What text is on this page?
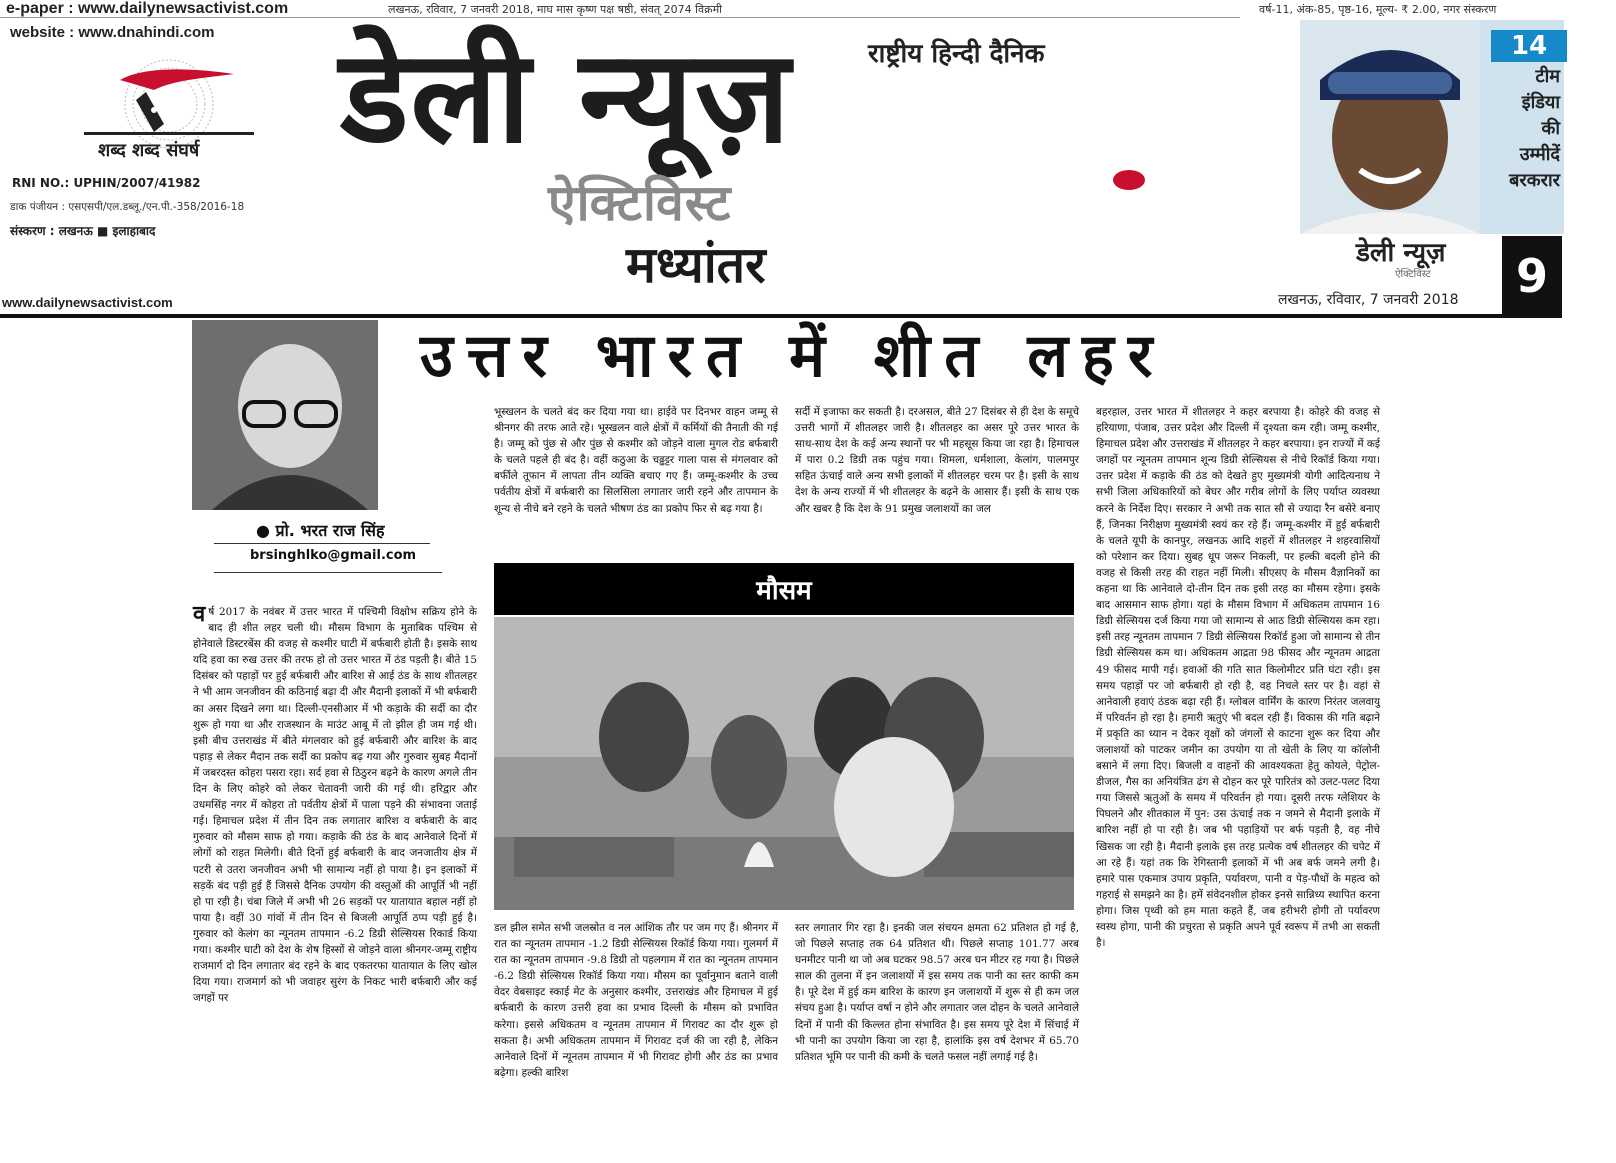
e-paper : www.dailynewsactivist.com
website : www.dnahindi.com
लखनऊ, रविवार, 7 जनवरी 2018, माघ मास कृष्ण पक्ष षष्ठी, संवत् 2074 विक्रमी	वर्ष-11, अंक-85, पृष्ठ-16, मूल्य- ₹ 2.00, नगर संस्करण
शब्द शब्द संघर्ष
RNI NO.: UPHIN/2007/41982
डाक पंजीयन : एसएसपी/एल.डब्लू./एन.पी.-358/2016-18
संस्करण : लखनऊ ■ इलाहाबाद
राष्ट्रीय हिन्दी दैनिक
डेली न्यूज़
ऐक्टिविस्ट
मध्यांतर
14
टीम
इंडिया
की
उम्मीदें
बरकरार
डेली न्यूज़
ऐक्टिविस्ट	9
www.dailynewsactivist.com	लखनऊ, रविवार, 7 जनवरी 2018
उत्तर भारत में शीत लहर
● प्रो. भरत राज सिंह
brsinghlko@gmail.com
वर्ष 2017 के नवंबर में उत्तर भारत में पश्चिमी विक्षोभ सक्रिय होने के बाद ही शीत लहर चली थी। मौसम विभाग के मुताबिक पश्चिम से होनेवाले डिस्टरबेंस की वजह से कश्मीर घाटी में बर्फबारी होती है। इसके साथ यदि हवा का रुख उत्तर की तरफ हो तो उत्तर भारत में ठंड पड़ती है। बीते 15 दिसंबर को पहाड़ों पर हुई बर्फबारी और बारिश से आई ठंड के साथ शीतलहर ने भी आम जनजीवन की कठिनाई बढ़ा दी और मैदानी इलाकों में भी बर्फबारी का असर दिखने लगा था। दिल्ली-एनसीआर में भी कड़ाके की सर्दी का दौर शुरू हो गया था और राजस्थान के माउंट आबू में तो झील ही जम गई थी। इसी बीच उत्तराखंड में बीते मंगलवार को हुई बर्फबारी और बारिश के बाद पहाड़ से लेकर मैदान तक सर्दी का प्रकोप बढ़ गया और गुरुवार सुबह मैदानों में जबरदस्त कोहरा पसरा रहा। सर्द हवा से ठिठुरन बढ़ने के कारण अगले तीन दिन के लिए कोहरे को लेकर चेतावनी जारी की गई थी। हरिद्वार और उधमसिंह नगर में कोहरा तो पर्वतीय क्षेत्रों में पाला पड़ने की संभावना जताई गई। हिमाचल प्रदेश में तीन दिन तक लगातार बारिश व बर्फबारी के बाद गुरुवार को मौसम साफ हो गया। कड़ाके की ठंड के बाद आनेवाले दिनों में लोगों को राहत मिलेगी। बीते दिनों हुई बर्फबारी के बाद जनजातीय क्षेत्र में पटरी से उतरा जनजीवन अभी भी सामान्य नहीं हो पाया है। इन इलाकों में सड़कें बंद पड़ी हुई हैं जिससे दैनिक उपयोग की वस्तुओं की आपूर्ति भी नहीं हो पा रही है। चंबा जिले में अभी भी 26 सड़कों पर यातायात बहाल नहीं हो पाया है। वहीं 30 गांवों में तीन दिन से बिजली आपूर्ति ठप्प पड़ी हुई है। गुरुवार को केलंग का न्यूनतम तापमान -6.2 डिग्री सेल्सियस रिकार्ड किया गया। कश्मीर घाटी को देश के शेष हिस्सों से जोड़ने वाला श्रीनगर-जम्मू राष्ट्रीय राजमार्ग दो दिन लगातार बंद रहने के बाद एकतरफा यातायात के लिए खोल दिया गया। राजमार्ग को भी जवाहर सुरंग के निकट भारी बर्फबारी और कई जगहों पर
भूस्खलन के चलते बंद कर दिया गया था। हाईवे पर दिनभर वाहन जम्मू से श्रीनगर की तरफ आते रहे। भूस्खलन वाले क्षेत्रों में कर्मियों की तैनाती की गई है। जम्मू को पुंछ से और पुंछ से कश्मीर को जोड़ने वाला मुगल रोड बर्फबारी के चलते पहले ही बंद है। वहीं कठुआ के चढ्ढट्टर गाला पास से मंगलवार को बर्फीले तूफान में लापता तीन व्यक्ति बचाए गए हैं। जम्मू-कश्मीर के उच्च पर्वतीय क्षेत्रों में बर्फबारी का सिलसिला लगातार जारी रहने और तापमान के शून्य से नीचे बने रहने के चलते भीषण ठंड का प्रकोप फिर से बढ़ गया है।
सर्दी में इजाफा कर सकती है। दरअसल, बीते 27 दिसंबर से ही देश के समूचे उत्तरी भागों में शीतलहर जारी है। शीतलहर का असर पूरे उत्तर भारत के साथ-साथ देश के कई अन्य स्थानों पर भी महसूस किया जा रहा है। हिमाचल में पारा 0.2 डिग्री तक पहुंच गया। शिमला, धर्मशाला, केलांग, पालमपुर सहित ऊंचाई वाले अन्य सभी इलाकों में शीतलहर चरम पर है। इसी के साथ देश के अन्य राज्यों में भी शीतलहर के बढ़ने के आसार हैं। इसी के साथ एक और खबर है कि देश के 91 प्रमुख जलाशयों का जल
मौसम
डल झील समेत सभी जलस्रोत व नल आंशिक तौर पर जम गए हैं। श्रीनगर में रात का न्यूनतम तापमान -1.2 डिग्री सेल्सियस रिकॉर्ड किया गया। गुलमर्ग में रात का न्यूनतम तापमान -9.8 डिग्री तो पहलगाम में रात का न्यूनतम तापमान -6.2 डिग्री सेल्सियस रिकॉर्ड किया गया। मौसम का पूर्वानुमान बताने वाली वेदर वेबसाइट स्काई मेट के अनुसार कश्मीर, उत्तराखंड और हिमाचल में हुई बर्फबारी के कारण उत्तरी हवा का प्रभाव दिल्ली के मौसम को प्रभावित करेगा। इससे अधिकतम व न्यूनतम तापमान में गिरावट का दौर शुरू हो सकता है। अभी अधिकतम तापमान में गिरावट दर्ज की जा रही है, लेकिन आनेवाले दिनों में न्यूनतम तापमान में भी गिरावट होगी और ठंड का प्रभाव बढ़ेगा। हल्की बारिश
स्तर लगातार गिर रहा है। इनकी जल संचयन क्षमता 62 प्रतिशत हो गई है, जो पिछले सप्ताह तक 64 प्रतिशत थी। पिछले सप्ताह 101.77 अरब घनमीटर पानी था जो अब घटकर 98.57 अरब घन मीटर रह गया है। पिछले साल की तुलना में इन जलाशयों में इस समय तक पानी का स्तर काफी कम है। पूरे देश में हुई कम बारिश के कारण इन जलाशयों में शुरू से ही कम जल संचय हुआ है। पर्याप्त वर्षा न होने और लगातार जल दोहन के चलते आनेवाले दिनों में पानी की किल्लत होना संभावित है। इस समय पूरे देश में सिंचाई में भी पानी का उपयोग किया जा रहा है, हालांकि इस वर्ष देशभर में 65.70 प्रतिशत भूमि पर पानी की कमी के चलते फसल नहीं लगाई गई है।
बहरहाल, उत्तर भारत में शीतलहर ने कहर बरपाया है। कोहरे की वजह से हरियाणा, पंजाब, उत्तर प्रदेश और दिल्ली में दृश्यता कम रही। जम्मू कश्मीर, हिमाचल प्रदेश और उत्तराखंड में शीतलहर ने कहर बरपाया। इन राज्यों में कई जगहों पर न्यूनतम तापमान शून्य डिग्री सेल्सियस से नीचे रिकॉर्ड किया गया। उत्तर प्रदेश में कड़ाके की ठंड को देखते हुए मुख्यमंत्री योगी आदित्यनाथ ने सभी जिला अधिकारियों को बेघर और गरीब लोगों के लिए पर्याप्त व्यवस्था करने के निर्देश दिए। सरकार ने अभी तक सात सौ से ज्यादा रैन बसेरे बनाए हैं, जिनका निरीक्षण मुख्यमंत्री स्वयं कर रहे हैं। जम्मू-कश्मीर में हुई बर्फबारी के चलते यूपी के कानपुर, लखनऊ आदि शहरों में शीतलहर ने शहरवासियों को परेशान कर दिया। सुबह धूप जरूर निकली, पर हल्की बदली होने की वजह से किसी तरह की राहत नहीं मिली। सीएसए के मौसम वैज्ञानिकों का कहना था कि आनेवाले दो-तीन दिन तक इसी तरह का मौसम रहेगा। इसके बाद आसमान साफ होगा। यहां के मौसम विभाग में अधिकतम तापमान 16 डिग्री सेल्सियस दर्ज किया गया जो सामान्य से आठ डिग्री सेल्सियस कम रहा। इसी तरह न्यूनतम तापमान 7 डिग्री सेल्सियस रिकॉर्ड हुआ जो सामान्य से तीन डिग्री सेल्सियस कम था। अधिकतम आद्रता 98 फीसद और न्यूनतम आद्रता 49 फीसद मापी गई। हवाओं की गति सात किलोमीटर प्रति घंटा रही। इस समय पहाड़ों पर जो बर्फबारी हो रही है, वह निचले स्तर पर है। वहां से आनेवाली हवाएं ठंडक बढ़ा रही हैं। ग्लोबल वार्मिंग के कारण निरंतर जलवायु में परिवर्तन हो रहा है। हमारी ऋतुएं भी बदल रही हैं। विकास की गति बढ़ाने में प्रकृति का ध्यान न देकर वृक्षों को जंगलों से काटना शुरू कर दिया और जलाशयों को पाटकर जमीन का उपयोग या तो खेती के लिए या कॉलोनी बसाने में लगा दिए। बिजली व वाहनों की आवश्यकता हेतु कोयले, पेट्रोल-डीजल, गैस का अनियंत्रित ढंग से दोहन कर पूरे पारितंत्र को उलट-पलट दिया गया जिससे ऋतुओं के समय में परिवर्तन हो गया। दूसरी तरफ ग्लेशियर के पिघलने और शीतकाल में पुन: उस ऊंचाई तक न जमने से मैदानी इलाके में बारिश नहीं हो पा रही है। जब भी पहाड़ियों पर बर्फ पड़ती है, वह नीचे खिसक जा रही है। मैदानी इलाके इस तरह प्रत्येक वर्ष शीतलहर की चपेट में आ रहे हैं। यहां तक कि रेगिस्तानी इलाकों में भी अब बर्फ जमने लगी है। हमारे पास एकमात्र उपाय प्रकृति, पर्यावरण, पानी व पेड़-पौधों के महत्व को गहराई से समझने का है। हमें संवेदनशील होकर इनसे सान्निध्य स्थापित करना होगा। जिस पृथ्वी को हम माता कहते हैं, जब हरीभरी होगी तो पर्यावरण स्वस्थ होगा, पानी की प्रचुरता से प्रकृति अपने पूर्व स्वरूप में तभी आ सकती है।
